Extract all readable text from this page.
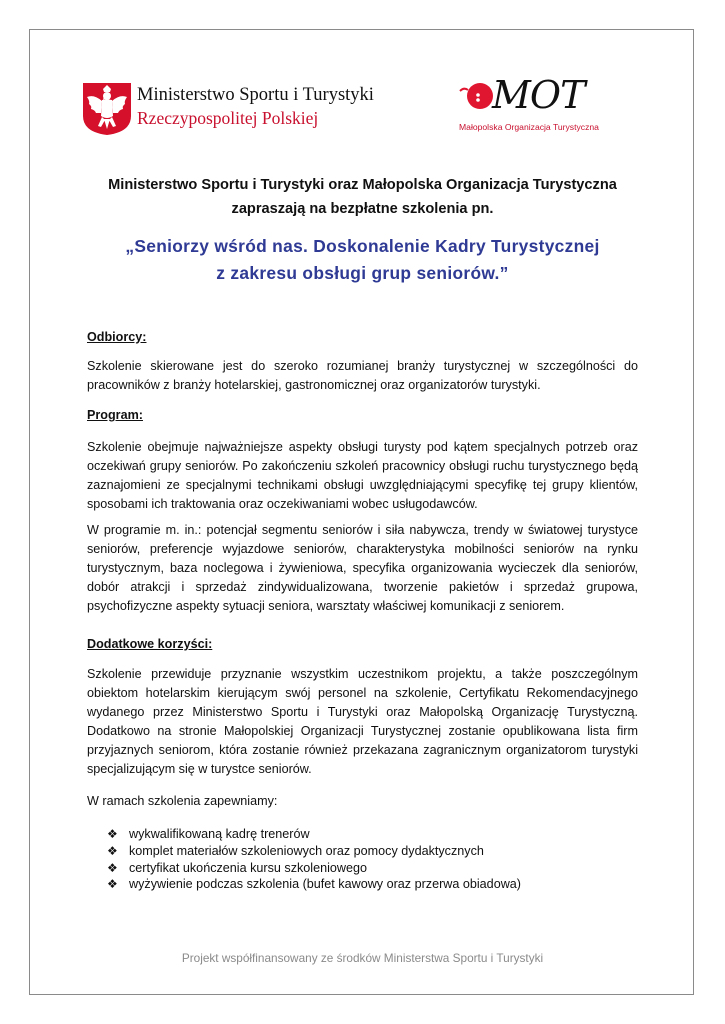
Ministerstwo Sportu i Turystyki
Rzeczypospolitej Polskiej
MOT
Małopolska Organizacja Turystyczna
Ministerstwo Sportu i Turystyki oraz Małopolska Organizacja Turystyczna
zapraszają na bezpłatne szkolenia pn.
„Seniorzy wśród nas. Doskonalenie Kadry Turystycznej
z zakresu obsługi grup seniorów.”
Odbiorcy:
Szkolenie skierowane jest do szeroko rozumianej branży turystycznej w szczególności do pracowników z branży hotelarskiej, gastronomicznej oraz organizatorów turystyki.
Program:
Szkolenie obejmuje najważniejsze aspekty obsługi turysty pod kątem specjalnych potrzeb oraz oczekiwań grupy seniorów. Po zakończeniu szkoleń pracownicy obsługi ruchu turystycznego będą zaznajomieni ze specjalnymi technikami obsługi uwzględniającymi specyfikę tej grupy klientów, sposobami ich traktowania oraz oczekiwaniami wobec usługodawców.
W programie m. in.: potencjał segmentu seniorów i siła nabywcza, trendy w światowej turystyce seniorów, preferencje wyjazdowe seniorów, charakterystyka mobilności seniorów na rynku turystycznym, baza noclegowa i żywieniowa, specyfika organizowania wycieczek dla seniorów, dobór atrakcji i sprzedaż zindywidualizowana, tworzenie pakietów i sprzedaż grupowa, psychofizyczne aspekty sytuacji seniora, warsztaty właściwej komunikacji z seniorem.
Dodatkowe korzyści:
Szkolenie przewiduje przyznanie wszystkim uczestnikom projektu, a także poszczególnym obiektom hotelarskim kierującym swój personel na szkolenie, Certyfikatu Rekomendacyjnego wydanego przez Ministerstwo Sportu i Turystyki oraz Małopolską Organizację Turystyczną. Dodatkowo na stronie Małopolskiej Organizacji Turystycznej zostanie opublikowana lista firm przyjaznych seniorom, która zostanie również przekazana zagranicznym organizatorom turystyki specjalizującym się w turystce seniorów.
W ramach szkolenia zapewniamy:
❖ wykwalifikowaną kadrę trenerów
❖ komplet materiałów szkoleniowych oraz pomocy dydaktycznych
❖ certyfikat ukończenia kursu szkoleniowego
❖ wyżywienie podczas szkolenia (bufet kawowy oraz przerwa obiadowa)
Projekt współfinansowany ze środków Ministerstwa Sportu i Turystyki
